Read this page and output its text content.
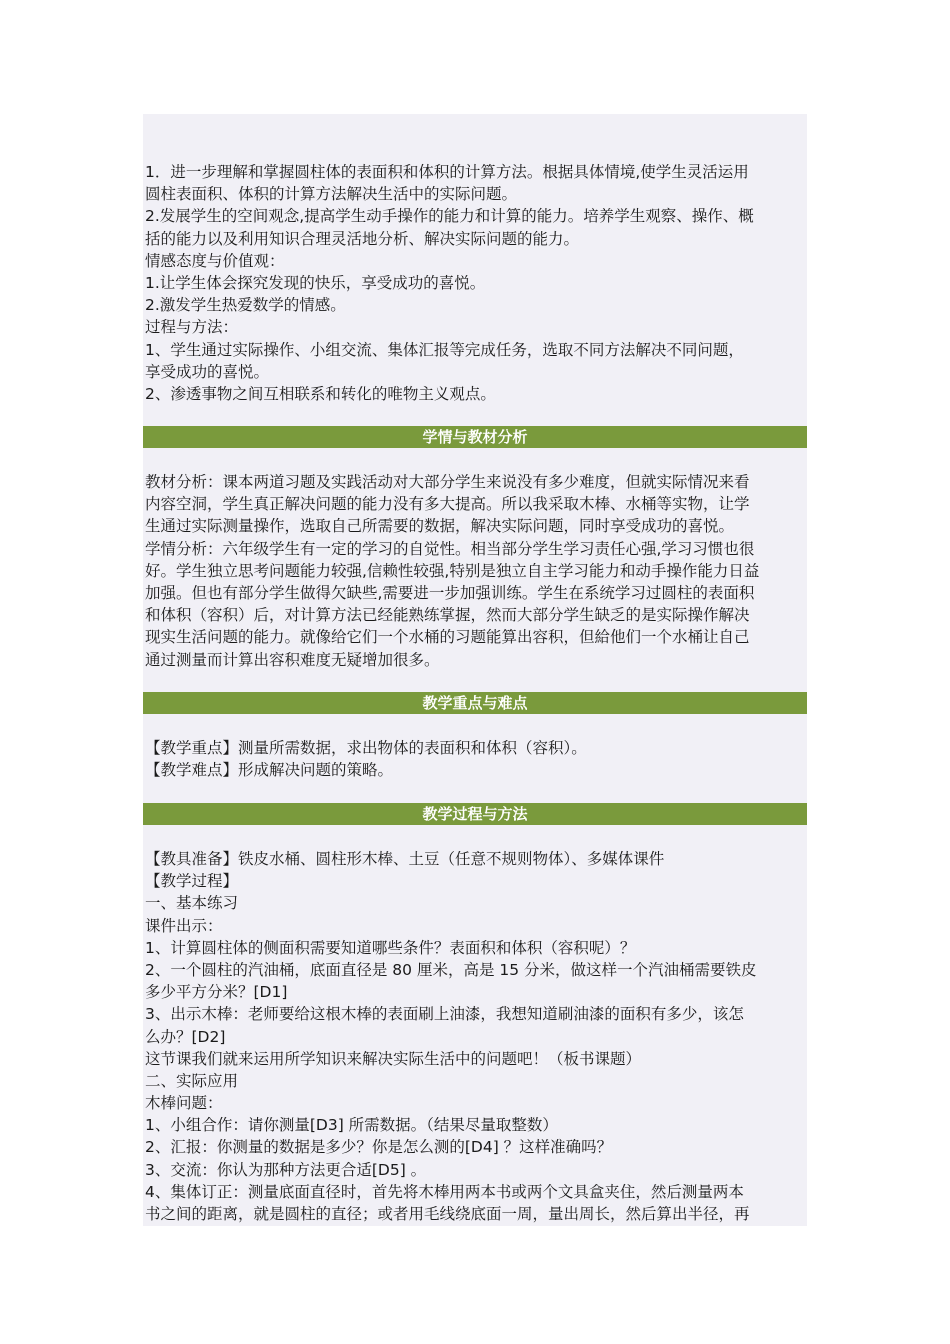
1．进一步理解和掌握圆柱体的表面积和体积的计算方法。根据具体情境,使学生灵活运用
圆柱表面积、体积的计算方法解决生活中的实际问题。
2.发展学生的空间观念,提高学生动手操作的能力和计算的能力。培养学生观察、操作、概
括的能力以及利用知识合理灵活地分析、解决实际问题的能力。
情感态度与价值观：
1.让学生体会探究发现的快乐，享受成功的喜悦。
2.激发学生热爱数学的情感。
过程与方法：
1、学生通过实际操作、小组交流、集体汇报等完成任务，选取不同方法解决不同问题，
享受成功的喜悦。
2、渗透事物之间互相联系和转化的唯物主义观点。
学情与教材分析
教材分析：课本两道习题及实践活动对大部分学生来说没有多少难度，但就实际情况来看
内容空洞，学生真正解决问题的能力没有多大提高。所以我采取木棒、水桶等实物，让学
生通过实际测量操作，选取自己所需要的数据，解决实际问题，同时享受成功的喜悦。
学情分析：六年级学生有一定的学习的自觉性。相当部分学生学习责任心强,学习习惯也很
好。学生独立思考问题能力较强,信赖性较强,特别是独立自主学习能力和动手操作能力日益
加强。但也有部分学生做得欠缺些,需要进一步加强训练。学生在系统学习过圆柱的表面积
和体积（容积）后，对计算方法已经能熟练掌握，然而大部分学生缺乏的是实际操作解决
现实生活问题的能力。就像给它们一个水桶的习题能算出容积，但給他们一个水桶让自己
通过测量而计算出容积难度无疑增加很多。
教学重点与难点
【教学重点】测量所需数据，求出物体的表面积和体积（容积）。
【教学难点】形成解决问题的策略。
教学过程与方法
【教具准备】铁皮水桶、圆柱形木棒、土豆（任意不规则物体）、多媒体课件
【教学过程】
一、基本练习
课件出示：
1、计算圆柱体的侧面积需要知道哪些条件？表面积和体积（容积呢）？
2、一个圆柱的汽油桶，底面直径是 80 厘米，高是 15 分米，做这样一个汽油桶需要铁皮
多少平方分米？[D1]
3、出示木棒：老师要给这根木棒的表面刷上油漆，我想知道刷油漆的面积有多少，该怎
么办？[D2]
这节课我们就来运用所学知识来解决实际生活中的问题吧！（板书课题）
二、实际应用
木棒问题：
1、小组合作：请你测量[D3] 所需数据。（结果尽量取整数）
2、汇报：你测量的数据是多少？你是怎么测的[D4] ？这样准确吗？
3、交流：你认为那种方法更合适[D5] 。
4、集体订正：测量底面直径时，首先将木棒用两本书或两个文具盒夹住，然后测量两本
书之间的距离，就是圆柱的直径；或者用毛线绕底面一周，量出周长，然后算出半径，再
